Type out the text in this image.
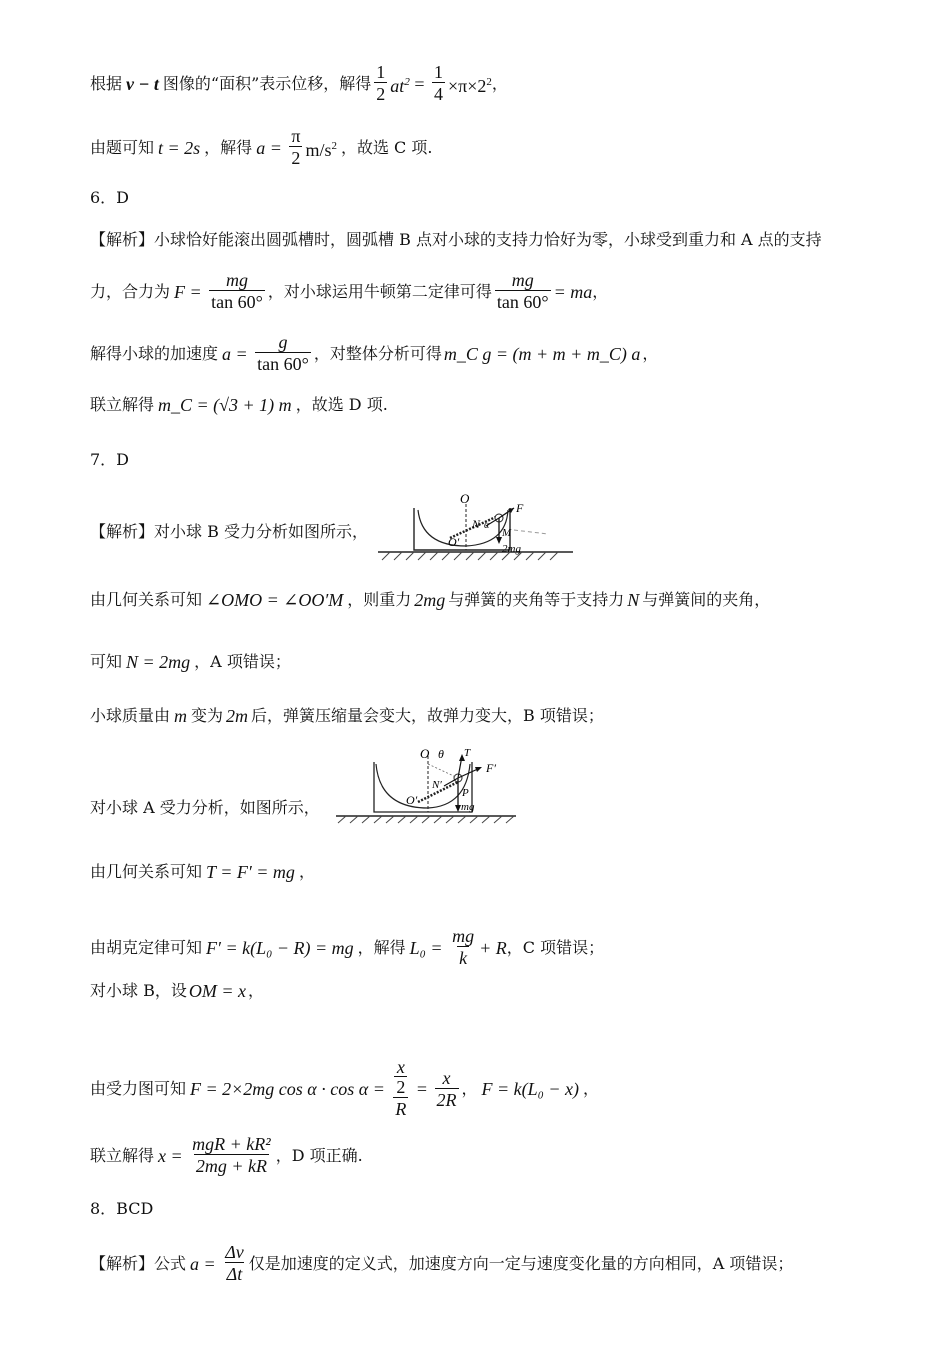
根据 v − t 图像的“面积”表示位移，解得 $\frac{1}{2} at^2 = \frac{1}{4} \times\pi\times 2^2$ ，
由题可知 t = 2s ，解得 $a = \frac{\pi}{2} m/s^2$ ，故选 C 项.
6．D
【解析】 小球恰好能滚出圆弧槽时，圆弧槽 B 点对小球的支持力恰好为零，小球受到重力和 A 点的支持
力，合力为 $F = \frac{mg}{\tan 60^\circ}$ ，对小球运用牛顿第二定律可得 $\frac{mg}{\tan 60^\circ}$ = ma ，
解得小球的加速度 $a = \frac{g}{\tan 60^\circ}$ ，对整体分析可得 m_C g = (m + m + m_C) a ，
联立解得 m_C = (√3 + 1) m ，故选 D 项.
7．D
【解析】 对小球 B 受力分析如图所示，
O
F
N α
M
O′	2mg
由几何关系可知 ∠OMO = ∠OO′M ，则重力 2mg 与弹簧的夹角等于支持力 N 与弹簧间的夹角，
可知 N = 2mg ，A 项错误；
小球质量由 m 变为 2m 后，弹簧压缩量会变大，故弹力变大，B 项错误；
对小球 A 受力分析，如图所示，
O θ T
F′
N′
O′	P
mg
由几何关系可知 T = F′ = mg ，
由胡克定律可知 F′ = k(L₀ − R) = mg ，解得 $L_0 = \frac{mg}{k} + R$ ，C 项错误；
对小球 B，设 OM = x ，
由受力图可知 F = 2×2mg cos α · cos α = x
2
$R = \frac{x}{2R}$ ， F = k(L₀ − x) ，
联立解得 $x = \frac{\text{mgR + kR²}}{2mg + kR}$ ，D 项正确.
8．BCD
【解析】 公式 $a = \frac{\Delta v}{\Delta t}$ 仅是加速度的定义式，加速度方向一定与速度变化量的方向相同，A 项错误；
